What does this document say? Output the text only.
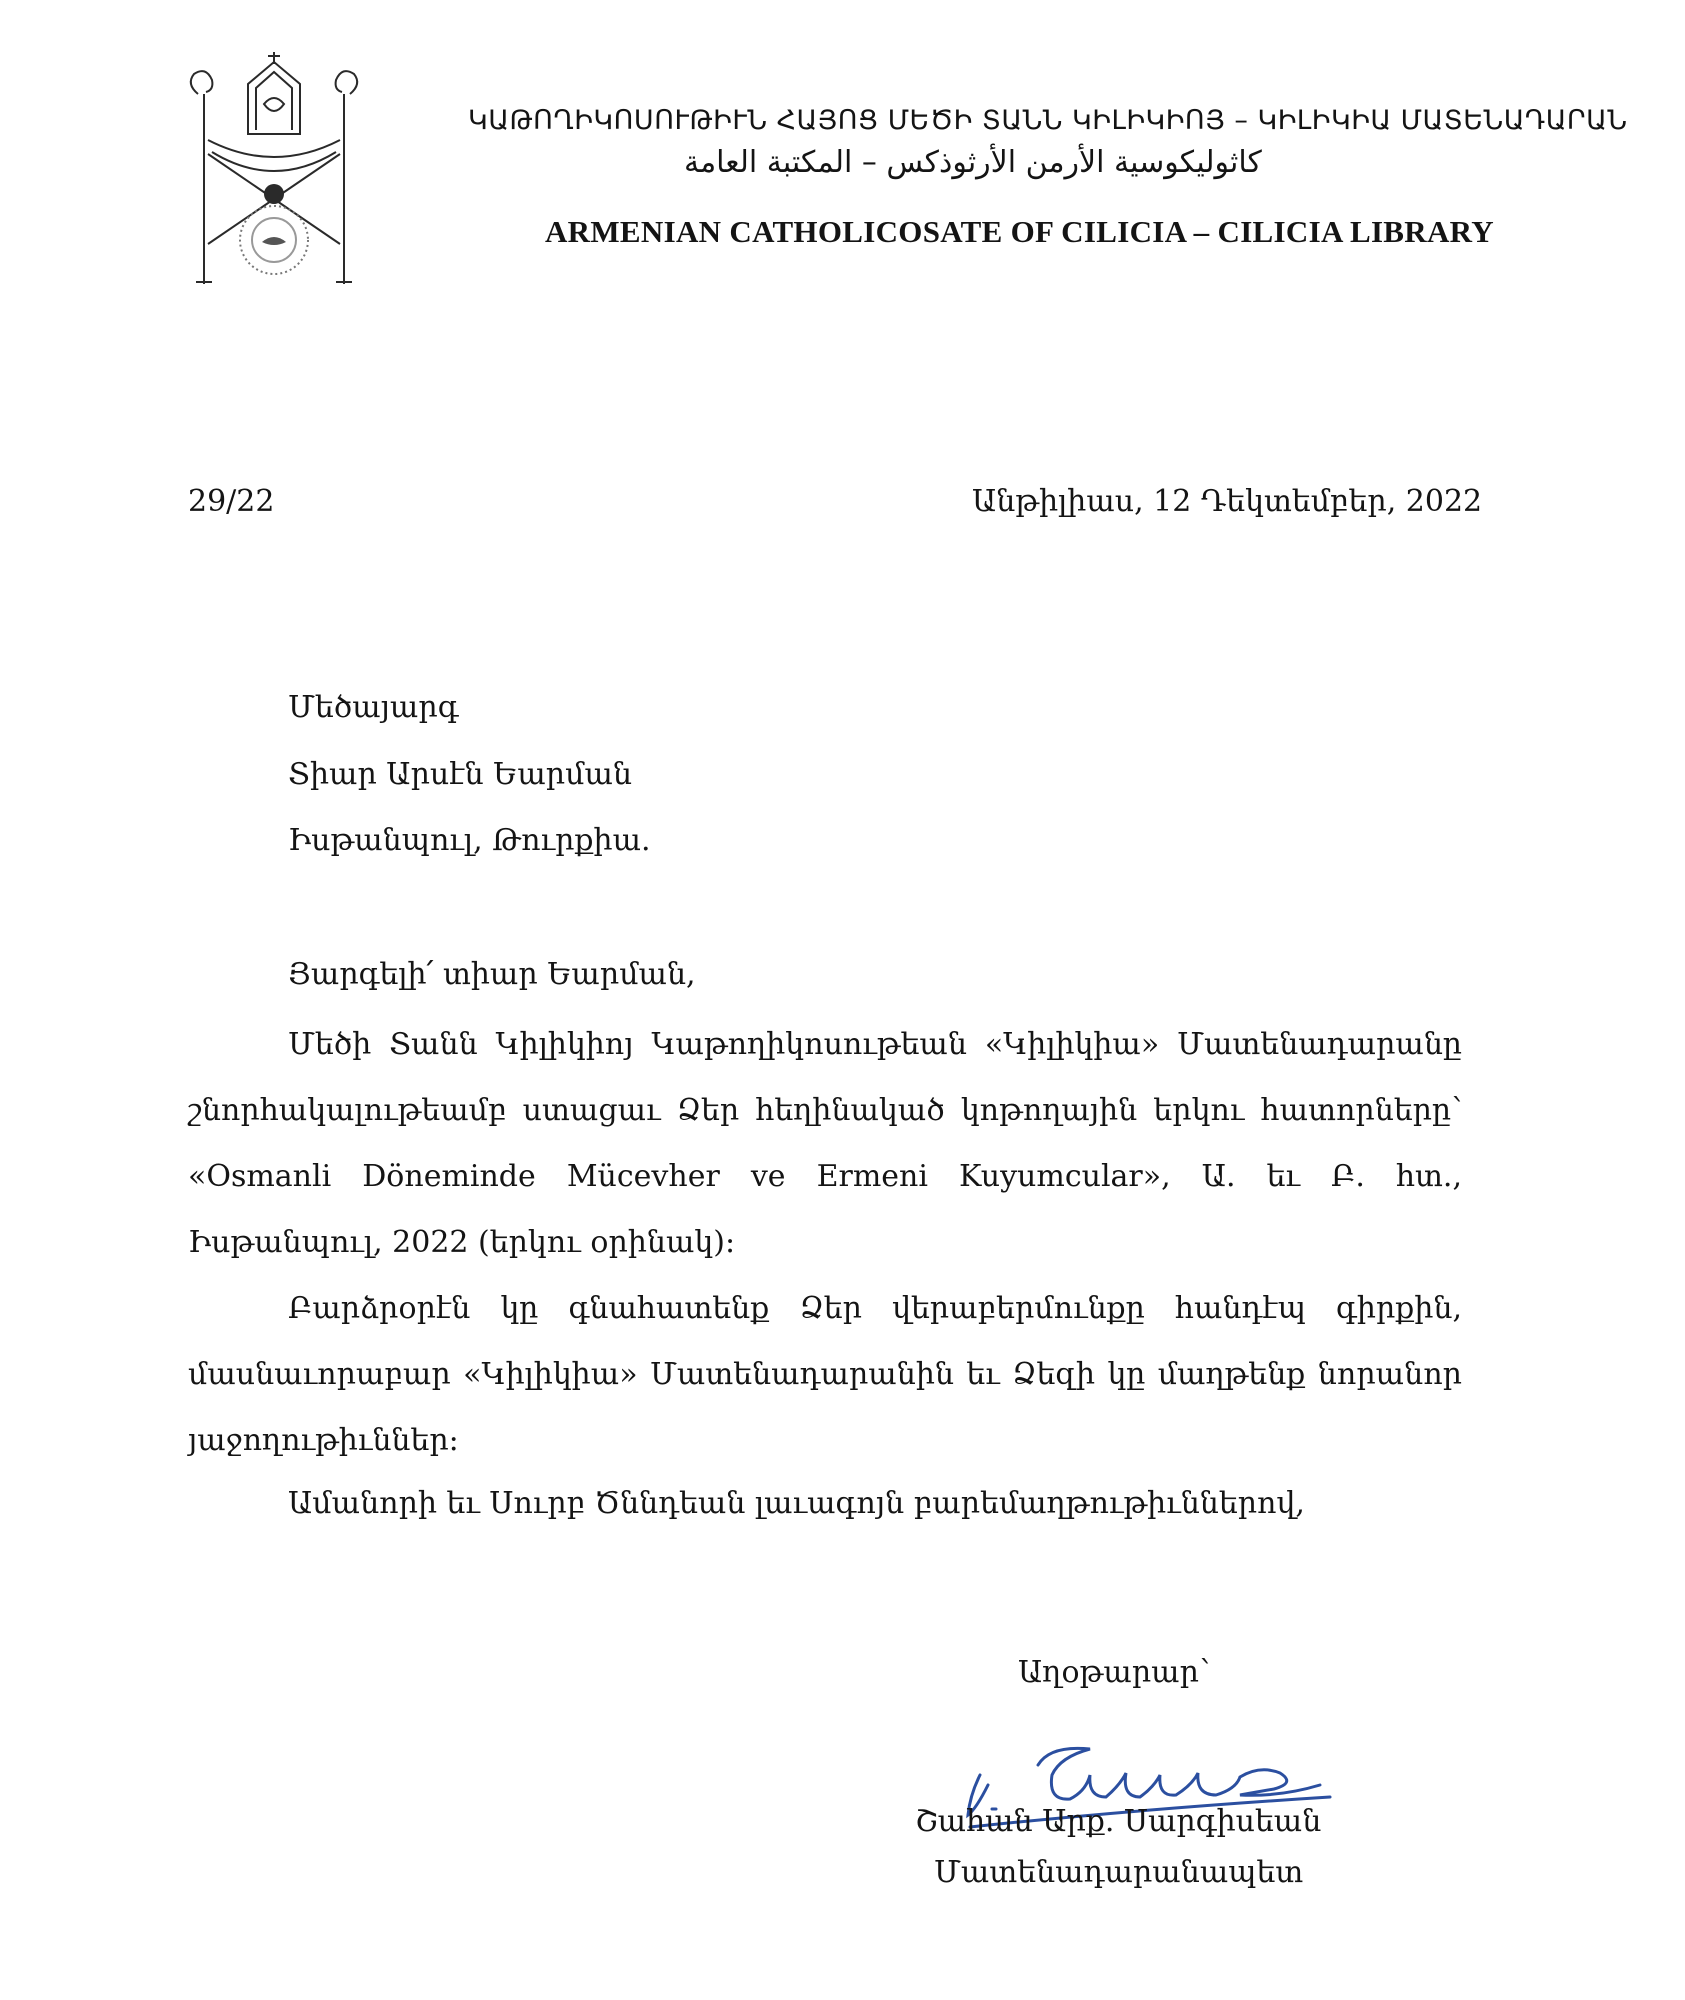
ԿԱԹՈՂԻԿՈՍՈՒԹԻՒՆ ՀԱՅՈՑ ՄԵԾԻ ՏԱՆՆ ԿԻԼԻԿԻՈՅ – ԿԻԼԻԿԻԱ ՄԱՏԵՆԱԴԱՐԱՆ
كاثوليكوسية الأرمن الأرثوذكس – المكتبة العامة
ARMENIAN CATHOLICOSATE OF CILICIA – CILICIA LIBRARY
29/22	Անթիլիաս, 12 Դեկտեմբեր, 2022
Մեծայարգ
Տիար Արսէն Եարման
Իսթանպուլ, Թուրքիա.
Յարգելի՛ տիար Եարման,
Մեծի Տանն Կիլիկիոյ Կաթողիկոսութեան «Կիլիկիա» Մատենադարանը շնորհակալութեամբ ստացաւ Ձեր հեղինակած կոթողային երկու հատորները՝ «Osmanli Döneminde Mücevher ve Ermeni Kuyumcular», Ա. եւ Բ. հտ., Իսթանպուլ, 2022 (երկու օրինակ):
Բարձրօրէն կը գնահատենք Ձեր վերաբերմունքը հանդէպ գիրքին, մասնաւորաբար «Կիլիկիա» Մատենադարանին եւ Ձեզի կը մաղթենք նորանոր յաջողութիւններ:
Ամանորի եւ Սուրբ Ծննդեան լաւագոյն բարեմաղթութիւններով,
Աղօթարար՝
Շահան Արք. Սարգիսեան
Մատենադարանապետ
